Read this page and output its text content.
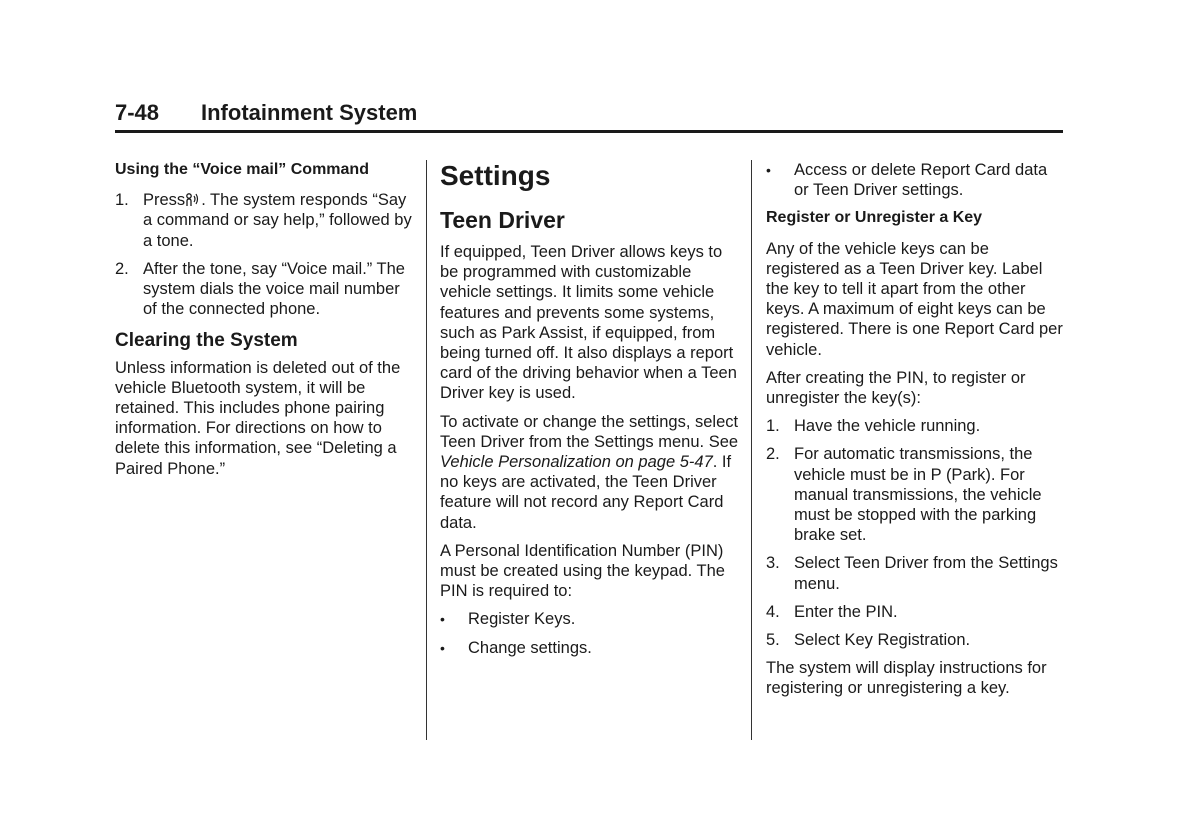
7-48 Infotainment System
Using the “Voice mail” Command
1. Press . The system responds “Say a command or say help,” followed by a tone.
2. After the tone, say “Voice mail.” The system dials the voice mail number of the connected phone.
Clearing the System

Unless information is deleted out of the vehicle Bluetooth system, it will be retained. This includes phone pairing information. For directions on how to delete this information, see “Deleting a Paired Phone.”

Settings
Teen Driver

If equipped, Teen Driver allows keys to be programmed with customizable vehicle settings. It limits some vehicle features and prevents some systems, such as Park Assist, if equipped, from being turned off. It also displays a report card of the driving behavior when a Teen Driver key is used.

To activate or change the settings, select Teen Driver from the Settings menu. See Vehicle Personalization on page 5-47. If no keys are activated, the Teen Driver feature will not record any Report Card data.

A Personal Identification Number (PIN) must be created using the keypad. The PIN is required to:

•	Register Keys.
•	Change settings.
•	Access or delete Report Card data or Teen Driver settings.
Register or Unregister a Key

Any of the vehicle keys can be registered as a Teen Driver key. Label the key to tell it apart from the other keys. A maximum of eight keys can be registered. There is one Report Card per vehicle.

After creating the PIN, to register or unregister the key(s):

1. Have the vehicle running.
2. For automatic transmissions, the vehicle must be in P (Park). For manual transmissions, the vehicle must be stopped with the parking brake set.
3. Select Teen Driver from the Settings menu.
4. Enter the PIN.
5. Select Key Registration.

The system will display instructions for registering or unregistering a key.
